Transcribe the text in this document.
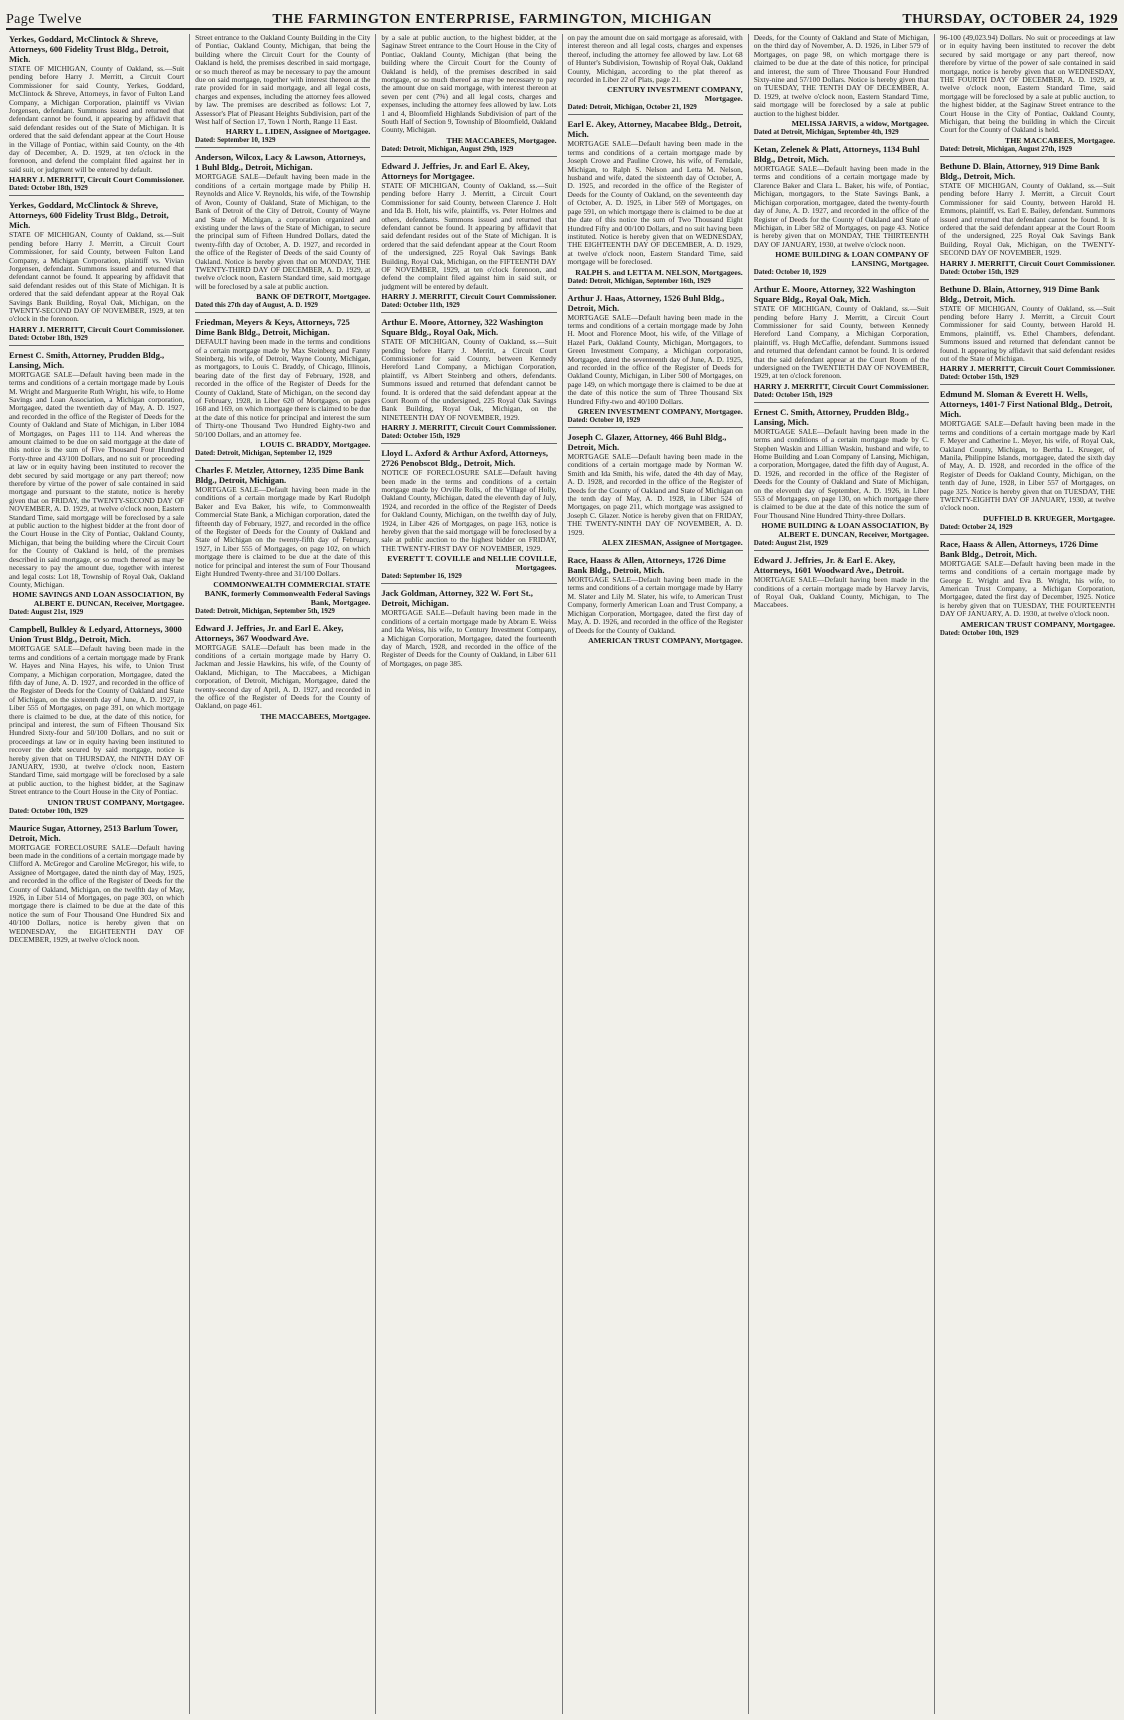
Page Twelve	THE FARMINGTON ENTERPRISE, FARMINGTON, MICHIGAN	THURSDAY, OCTOBER 24, 1929

Yerkes, Goddard, McClintock & Shreve, Attorneys, 600 Fidelity Trust Bldg., Detroit, Mich.

STATE OF MICHIGAN, County of Oakland, ss.—Suit pending before Harry J. Merritt, a Circuit Court Commissioner for said County, Yerkes, Goddard, McClintock & Shreve, Attorneys, in favor of Fulton Land Company, a Michigan Corporation, plaintiff vs Vivian Jorgensen, defendant. Summons issued and returned that defendant cannot be found, it appearing by affidavit that said defendant resides out of the State of Michigan. It is ordered that the said defendant appear at the Court House in the Village of Pontiac, within said County, on the 4th day of December, A. D. 1929, at ten o'clock in the forenoon, and defend the complaint filed against her in said suit, or judgment will be entered by default.

HARRY J. MERRITT, Circuit Court Commissioner.

Dated: October 18th, 1929

Yerkes, Goddard, McClintock & Shreve, Attorneys, 600 Fidelity Trust Bldg., Detroit, Mich.

STATE OF MICHIGAN, County of Oakland, ss.—Suit pending before Harry J. Merritt, a Circuit Court Commissioner, for said County, between Fulton Land Company, a Michigan Corporation, plaintiff vs. Vivian Jorgensen, defendant. Summons issued and returned that defendant cannot be found. It appearing by affidavit that said defendant resides out of this State of Michigan. It is ordered that the said defendant appear at the Royal Oak Savings Bank Building, Royal Oak, Michigan, on the TWENTY-SECOND DAY OF NOVEMBER, 1929, at ten o'clock in the forenoon.

HARRY J. MERRITT, Circuit Court Commissioner.

Dated: October 18th, 1929

Ernest C. Smith, Attorney, Prudden Bldg., Lansing, Mich.

MORTGAGE SALE—Default having been made in the terms and conditions of a certain mortgage made by Louis M. Wright and Marguerite Ruth Wright, his wife, to Home Savings and Loan Association, a Michigan corporation, Mortgagee, dated the twentieth day of May, A. D. 1927, and recorded in the office of the Register of Deeds for the County of Oakland and State of Michigan, in Liber 1084 of Mortgages, on Pages 111 to 114. And whereas the amount claimed to be due on said mortgage at the date of this notice is the sum of Five Thousand Four Hundred Forty-three and 43/100 Dollars, and no suit or proceeding at law or in equity having been instituted to recover the debt secured by said mortgage or any part thereof; now therefore by virtue of the power of sale contained in said mortgage and pursuant to the statute, notice is hereby given that on FRIDAY, the TWENTY-SECOND DAY OF NOVEMBER, A. D. 1929, at twelve o'clock noon, Eastern Standard Time, said mortgage will be foreclosed by a sale at public auction to the highest bidder at the front door of the Court House in the City of Pontiac, Oakland County, Michigan, that being the building where the Circuit Court for the County of Oakland is held, of the premises described in said mortgage, or so much thereof as may be necessary to pay the amount due, together with interest and legal costs: Lot 18, Township of Royal Oak, Oakland County, Michigan.

HOME SAVINGS AND LOAN ASSOCIATION, By ALBERT E. DUNCAN, Receiver, Mortgagee.

Dated: August 21st, 1929

Campbell, Bulkley & Ledyard, Attorneys, 3000 Union Trust Bldg., Detroit, Mich.

MORTGAGE SALE—Default having been made in the terms and conditions of a certain mortgage made by Frank W. Hayes and Nina Hayes, his wife, to Union Trust Company, a Michigan corporation, Mortgagee, dated the fifth day of June, A. D. 1927, and recorded in the office of the Register of Deeds for the County of Oakland and State of Michigan, on the sixteenth day of June, A. D. 1927, in Liber 555 of Mortgages, on page 391, on which mortgage there is claimed to be due, at the date of this notice, for principal and interest, the sum of Fifteen Thousand Six Hundred Sixty-four and 50/100 Dollars, and no suit or proceedings at law or in equity having been instituted to recover the debt secured by said mortgage, notice is hereby given that on THURSDAY, the NINTH DAY OF JANUARY, 1930, at twelve o'clock noon, Eastern Standard Time, said mortgage will be foreclosed by a sale at public auction, to the highest bidder, at the Saginaw Street entrance to the Court House in the City of Pontiac.

UNION TRUST COMPANY, Mortgagee.

Dated: October 10th, 1929

Maurice Sugar, Attorney, 2513 Barlum Tower, Detroit, Mich.

MORTGAGE FORECLOSURE SALE—Default having been made in the conditions of a certain mortgage made by Clifford A. McGregor and Caroline McGregor, his wife, to Assignee of Mortgagee, dated the ninth day of May, 1925, and recorded in the office of the Register of Deeds for the County of Oakland, Michigan, on the twelfth day of May, 1926, in Liber 514 of Mortgages, on page 303, on which mortgage there is claimed to be due at the date of this notice the sum of Four Thousand One Hundred Six and 40/100 Dollars, notice is hereby given that on WEDNESDAY, the EIGHTEENTH DAY OF DECEMBER, 1929, at twelve o'clock noon.

Street entrance to the Oakland County Building in the City of Pontiac, Oakland County, Michigan, that being the building where the Circuit Court for the County of Oakland is held, the premises described in said mortgage, or so much thereof as may be necessary to pay the amount due on said mortgage, together with interest thereon at the rate provided for in said mortgage, and all legal costs, charges and expenses, including the attorney fees allowed by law. The premises are described as follows: Lot 7, Assessor's Plat of Pleasant Heights Subdivision, part of the West half of Section 17, Town 1 North, Range 11 East.

HARRY L. LIDEN, Assignee of Mortgagee.

Dated: September 10, 1929

Anderson, Wilcox, Lacy & Lawson, Attorneys, 1 Buhl Bldg., Detroit, Michigan.

MORTGAGE SALE—Default having been made in the conditions of a certain mortgage made by Philip H. Reynolds and Alice V. Reynolds, his wife, of the Township of Avon, County of Oakland, State of Michigan, to the Bank of Detroit of the City of Detroit, County of Wayne and State of Michigan, a corporation organized and existing under the laws of the State of Michigan, to secure the principal sum of Fifteen Hundred Dollars, dated the twenty-fifth day of October, A. D. 1927, and recorded in the office of the Register of Deeds of the said County of Oakland. Notice is hereby given that on MONDAY, THE TWENTY-THIRD DAY OF DECEMBER, A. D. 1929, at twelve o'clock noon, Eastern Standard time, said mortgage will be foreclosed by a sale at public auction.

BANK OF DETROIT, Mortgagee.

Dated this 27th day of August, A. D. 1929

Friedman, Meyers & Keys, Attorneys, 725 Dime Bank Bldg., Detroit, Michigan.

DEFAULT having been made in the terms and conditions of a certain mortgage made by Max Steinberg and Fanny Steinberg, his wife, of Detroit, Wayne County, Michigan, as mortgagors, to Louis C. Braddy, of Chicago, Illinois, bearing date of the first day of February, 1928, and recorded in the office of the Register of Deeds for the County of Oakland, State of Michigan, on the second day of February, 1928, in Liber 620 of Mortgages, on pages 168 and 169, on which mortgage there is claimed to be due at the date of this notice for principal and interest the sum of Thirty-one Thousand Two Hundred Eighty-two and 50/100 Dollars, and an attorney fee.

LOUIS C. BRADDY, Mortgagee.

Dated: Detroit, Michigan, September 12, 1929

Charles F. Metzler, Attorney, 1235 Dime Bank Bldg., Detroit, Michigan.

MORTGAGE SALE—Default having been made in the conditions of a certain mortgage made by Karl Rudolph Baker and Eva Baker, his wife, to Commonwealth Commercial State Bank, a Michigan corporation, dated the fifteenth day of February, 1927, and recorded in the office of the Register of Deeds for the County of Oakland and State of Michigan on the twenty-fifth day of February, 1927, in Liber 555 of Mortgages, on page 102, on which mortgage there is claimed to be due at the date of this notice for principal and interest the sum of Four Thousand Eight Hundred Twenty-three and 31/100 Dollars.

COMMONWEALTH COMMERCIAL STATE BANK, formerly Commonwealth Federal Savings Bank, Mortgagee.

Dated: Detroit, Michigan, September 5th, 1929

Edward J. Jeffries, Jr. and Earl E. Akey, Attorneys, 367 Woodward Ave.

MORTGAGE SALE—Default has been made in the conditions of a certain mortgage made by Harry O. Jackman and Jessie Hawkins, his wife, of the County of Oakland, Michigan, to The Maccabees, a Michigan corporation, of Detroit, Michigan, Mortgagee, dated the twenty-second day of April, A. D. 1927, and recorded in the office of the Register of Deeds for the County of Oakland, on page 461.

THE MACCABEES, Mortgagee.

by a sale at public auction, to the highest bidder, at the Saginaw Street entrance to the Court House in the City of Pontiac, Oakland County, Michigan (that being the building where the Circuit Court for the County of Oakland is held), of the premises described in said mortgage, or so much thereof as may be necessary to pay the amount due on said mortgage, with interest thereon at seven per cent (7%) and all legal costs, charges and expenses, including the attorney fees allowed by law. Lots 1 and 4, Bloomfield Highlands Subdivision of part of the South Half of Section 9, Township of Bloomfield, Oakland County, Michigan.

THE MACCABEES, Mortgagee.

Dated: Detroit, Michigan, August 29th, 1929

Edward J. Jeffries, Jr. and Earl E. Akey, Attorneys for Mortgagee.

STATE OF MICHIGAN, County of Oakland, ss.—Suit pending before Harry J. Merritt, a Circuit Court Commissioner for said County, between Clarence J. Holt and Ida B. Holt, his wife, plaintiffs, vs. Peter Holmes and others, defendants. Summons issued and returned that defendant cannot be found. It appearing by affidavit that said defendant resides out of the State of Michigan. It is ordered that the said defendant appear at the Court Room of the undersigned, 225 Royal Oak Savings Bank Building, Royal Oak, Michigan, on the FIFTEENTH DAY OF NOVEMBER, 1929, at ten o'clock forenoon, and defend the complaint filed against him in said suit, or judgment will be entered by default.

HARRY J. MERRITT, Circuit Court Commissioner.

Dated: October 11th, 1929

Arthur E. Moore, Attorney, 322 Washington Square Bldg., Royal Oak, Mich.

STATE OF MICHIGAN, County of Oakland, ss.—Suit pending before Harry J. Merritt, a Circuit Court Commissioner for said County, between Kennedy Hereford Land Company, a Michigan Corporation, plaintiff, vs Albert Steinberg and others, defendants. Summons issued and returned that defendant cannot be found. It is ordered that the said defendant appear at the Court Room of the undersigned, 225 Royal Oak Savings Bank Building, Royal Oak, Michigan, on the NINETEENTH DAY OF NOVEMBER, 1929.

HARRY J. MERRITT, Circuit Court Commissioner.

Dated: October 15th, 1929

Lloyd L. Axford & Arthur Axford, Attorneys, 2726 Penobscot Bldg., Detroit, Mich.

NOTICE OF FORECLOSURE SALE—Default having been made in the terms and conditions of a certain mortgage made by Orville Rolls, of the Village of Holly, Oakland County, Michigan, dated the eleventh day of July, 1924, and recorded in the office of the Register of Deeds for Oakland County, Michigan, on the twelfth day of July, 1924, in Liber 426 of Mortgages, on page 163, notice is hereby given that the said mortgage will be foreclosed by a sale at public auction to the highest bidder on FRIDAY, THE TWENTY-FIRST DAY OF NOVEMBER, 1929.

EVERETT T. COVILLE and NELLIE COVILLE, Mortgagees.

Dated: September 16, 1929

Jack Goldman, Attorney, 322 W. Fort St., Detroit, Michigan.

MORTGAGE SALE—Default having been made in the conditions of a certain mortgage made by Abram E. Weiss and Ida Weiss, his wife, to Century Investment Company, a Michigan Corporation, Mortgagee, dated the fourteenth day of March, 1928, and recorded in the office of the Register of Deeds for the County of Oakland, in Liber 611 of Mortgages, on page 385.

on pay the amount due on said mortgage as aforesaid, with interest thereon and all legal costs, charges and expenses thereof, including the attorney fee allowed by law. Lot 68 of Hunter's Subdivision, Township of Royal Oak, Oakland County, Michigan, according to the plat thereof as recorded in Liber 22 of Plats, page 21.

CENTURY INVESTMENT COMPANY, Mortgagee.

Dated: Detroit, Michigan, October 21, 1929

Earl E. Akey, Attorney, Macabee Bldg., Detroit, Mich.

MORTGAGE SALE—Default having been made in the terms and conditions of a certain mortgage made by Joseph Crowe and Pauline Crowe, his wife, of Ferndale, Michigan, to Ralph S. Nelson and Letta M. Nelson, husband and wife, dated the sixteenth day of October, A. D. 1925, and recorded in the office of the Register of Deeds for the County of Oakland, on the seventeenth day of October, A. D. 1925, in Liber 569 of Mortgages, on page 591, on which mortgage there is claimed to be due at the date of this notice the sum of Two Thousand Eight Hundred Fifty and 00/100 Dollars, and no suit having been instituted. Notice is hereby given that on WEDNESDAY, THE EIGHTEENTH DAY OF DECEMBER, A. D. 1929, at twelve o'clock noon, Eastern Standard Time, said mortgage will be foreclosed.

RALPH S. and LETTA M. NELSON, Mortgagees.

Dated: Detroit, Michigan, September 16th, 1929

Arthur J. Haas, Attorney, 1526 Buhl Bldg., Detroit, Mich.

MORTGAGE SALE—Default having been made in the terms and conditions of a certain mortgage made by John H. Moot and Florence Moot, his wife, of the Village of Hazel Park, Oakland County, Michigan, Mortgagors, to Green Investment Company, a Michigan corporation, Mortgagee, dated the seventeenth day of June, A. D. 1925, and recorded in the office of the Register of Deeds for Oakland County, Michigan, in Liber 500 of Mortgages, on page 149, on which mortgage there is claimed to be due at the date of this notice the sum of Three Thousand Six Hundred Fifty-two and 40/100 Dollars.

GREEN INVESTMENT COMPANY, Mortgagee.

Dated: October 10, 1929

Joseph C. Glazer, Attorney, 466 Buhl Bldg., Detroit, Mich.

MORTGAGE SALE—Default having been made in the conditions of a certain mortgage made by Norman W. Smith and Ida Smith, his wife, dated the 4th day of May, A. D. 1928, and recorded in the office of the Register of Deeds for the County of Oakland and State of Michigan on the tenth day of May, A. D. 1928, in Liber 524 of Mortgages, on page 211, which mortgage was assigned to Joseph C. Glazer. Notice is hereby given that on FRIDAY, THE TWENTY-NINTH DAY OF NOVEMBER, A. D. 1929.

ALEX ZIESMAN, Assignee of Mortgagee.

Race, Haass & Allen, Attorneys, 1726 Dime Bank Bldg., Detroit, Mich.

MORTGAGE SALE—Default having been made in the terms and conditions of a certain mortgage made by Harry M. Slater and Lily M. Slater, his wife, to American Trust Company, formerly American Loan and Trust Company, a Michigan Corporation, Mortgagee, dated the first day of May, A. D. 1926, and recorded in the office of the Register of Deeds for the County of Oakland.

AMERICAN TRUST COMPANY, Mortgagee.

Deeds, for the County of Oakland and State of Michigan, on the third day of November, A. D. 1926, in Liber 579 of Mortgages, on page 98, on which mortgage there is claimed to be due at the date of this notice, for principal and interest, the sum of Three Thousand Four Hundred Sixty-nine and 57/100 Dollars. Notice is hereby given that on TUESDAY, THE TENTH DAY OF DECEMBER, A. D. 1929, at twelve o'clock noon, Eastern Standard Time, said mortgage will be foreclosed by a sale at public auction to the highest bidder.

MELISSA JARVIS, a widow, Mortgagee.

Dated at Detroit, Michigan, September 4th, 1929

Ketan, Zelenek & Platt, Attorneys, 1134 Buhl Bldg., Detroit, Mich.

MORTGAGE SALE—Default having been made in the terms and conditions of a certain mortgage made by Clarence Baker and Clara L. Baker, his wife, of Pontiac, Michigan, mortgagors, to the State Savings Bank, a Michigan corporation, mortgagee, dated the twenty-fourth day of June, A. D. 1927, and recorded in the office of the Register of Deeds for the County of Oakland and State of Michigan, in Liber 582 of Mortgages, on page 43. Notice is hereby given that on MONDAY, THE THIRTEENTH DAY OF JANUARY, 1930, at twelve o'clock noon.

HOME BUILDING & LOAN COMPANY OF LANSING, Mortgagee.

Dated: October 10, 1929

Arthur E. Moore, Attorney, 322 Washington Square Bldg., Royal Oak, Mich.

STATE OF MICHIGAN, County of Oakland, ss.—Suit pending before Harry J. Merritt, a Circuit Court Commissioner for said County, between Kennedy Hereford Land Company, a Michigan Corporation, plaintiff, vs. Hugh McCaffie, defendant. Summons issued and returned that defendant cannot be found. It is ordered that the said defendant appear at the Court Room of the undersigned on the TWENTIETH DAY OF NOVEMBER, 1929, at ten o'clock forenoon.

HARRY J. MERRITT, Circuit Court Commissioner.

Dated: October 15th, 1929

Ernest C. Smith, Attorney, Prudden Bldg., Lansing, Mich.

MORTGAGE SALE—Default having been made in the terms and conditions of a certain mortgage made by C. Stephen Waskin and Lillian Waskin, husband and wife, to Home Building and Loan Company of Lansing, Michigan, a corporation, Mortgagee, dated the fifth day of August, A. D. 1926, and recorded in the office of the Register of Deeds for the County of Oakland and State of Michigan, on the eleventh day of September, A. D. 1926, in Liber 553 of Mortgages, on page 130, on which mortgage there is claimed to be due at the date of this notice the sum of Four Thousand Nine Hundred Thirty-three Dollars.

HOME BUILDING & LOAN ASSOCIATION, By ALBERT E. DUNCAN, Receiver, Mortgagee.

Dated: August 21st, 1929

Edward J. Jeffries, Jr. & Earl E. Akey, Attorneys, 1601 Woodward Ave., Detroit.

MORTGAGE SALE—Default having been made in the conditions of a certain mortgage made by Harvey Jarvis, of Royal Oak, Oakland County, Michigan, to The Maccabees.

96-100 (49,023.94) Dollars. No suit or proceedings at law or in equity having been instituted to recover the debt secured by said mortgage or any part thereof, now therefore by virtue of the power of sale contained in said mortgage, notice is hereby given that on WEDNESDAY, THE FOURTH DAY OF DECEMBER, A. D. 1929, at twelve o'clock noon, Eastern Standard Time, said mortgage will be foreclosed by a sale at public auction, to the highest bidder, at the Saginaw Street entrance to the Court House in the City of Pontiac, Oakland County, Michigan, that being the building in which the Circuit Court for the County of Oakland is held.

THE MACCABEES, Mortgagee.

Dated: Detroit, Michigan, August 27th, 1929

Bethune D. Blain, Attorney, 919 Dime Bank Bldg., Detroit, Mich.

STATE OF MICHIGAN, County of Oakland, ss.—Suit pending before Harry J. Merritt, a Circuit Court Commissioner for said County, between Harold H. Emmons, plaintiff, vs. Earl E. Bailey, defendant. Summons issued and returned that defendant cannot be found. It is ordered that the said defendant appear at the Court Room of the undersigned, 225 Royal Oak Savings Bank Building, Royal Oak, Michigan, on the TWENTY-SECOND DAY OF NOVEMBER, 1929.

HARRY J. MERRITT, Circuit Court Commissioner.

Dated: October 15th, 1929

Bethune D. Blain, Attorney, 919 Dime Bank Bldg., Detroit, Mich.

STATE OF MICHIGAN, County of Oakland, ss.—Suit pending before Harry J. Merritt, a Circuit Court Commissioner for said County, between Harold H. Emmons, plaintiff, vs. Ethel Chambers, defendant. Summons issued and returned that defendant cannot be found. It appearing by affidavit that said defendant resides out of the State of Michigan.

HARRY J. MERRITT, Circuit Court Commissioner.

Dated: October 15th, 1929

Edmund M. Sloman & Everett H. Wells, Attorneys, 1401-7 First National Bldg., Detroit, Mich.

MORTGAGE SALE—Default having been made in the terms and conditions of a certain mortgage made by Karl F. Meyer and Catherine L. Meyer, his wife, of Royal Oak, Oakland County, Michigan, to Bertha L. Krueger, of Manila, Philippine Islands, mortgagee, dated the sixth day of May, A. D. 1928, and recorded in the office of the Register of Deeds for Oakland County, Michigan, on the tenth day of June, 1928, in Liber 557 of Mortgages, on page 325. Notice is hereby given that on TUESDAY, THE TWENTY-EIGHTH DAY OF JANUARY, 1930, at twelve o'clock noon.

DUFFIELD B. KRUEGER, Mortgagee.

Dated: October 24, 1929

Race, Haass & Allen, Attorneys, 1726 Dime Bank Bldg., Detroit, Mich.

MORTGAGE SALE—Default having been made in the terms and conditions of a certain mortgage made by George E. Wright and Eva B. Wright, his wife, to American Trust Company, a Michigan Corporation, Mortgagee, dated the first day of December, 1925. Notice is hereby given that on TUESDAY, THE FOURTEENTH DAY OF JANUARY, A. D. 1930, at twelve o'clock noon.

AMERICAN TRUST COMPANY, Mortgagee.

Dated: October 10th, 1929
